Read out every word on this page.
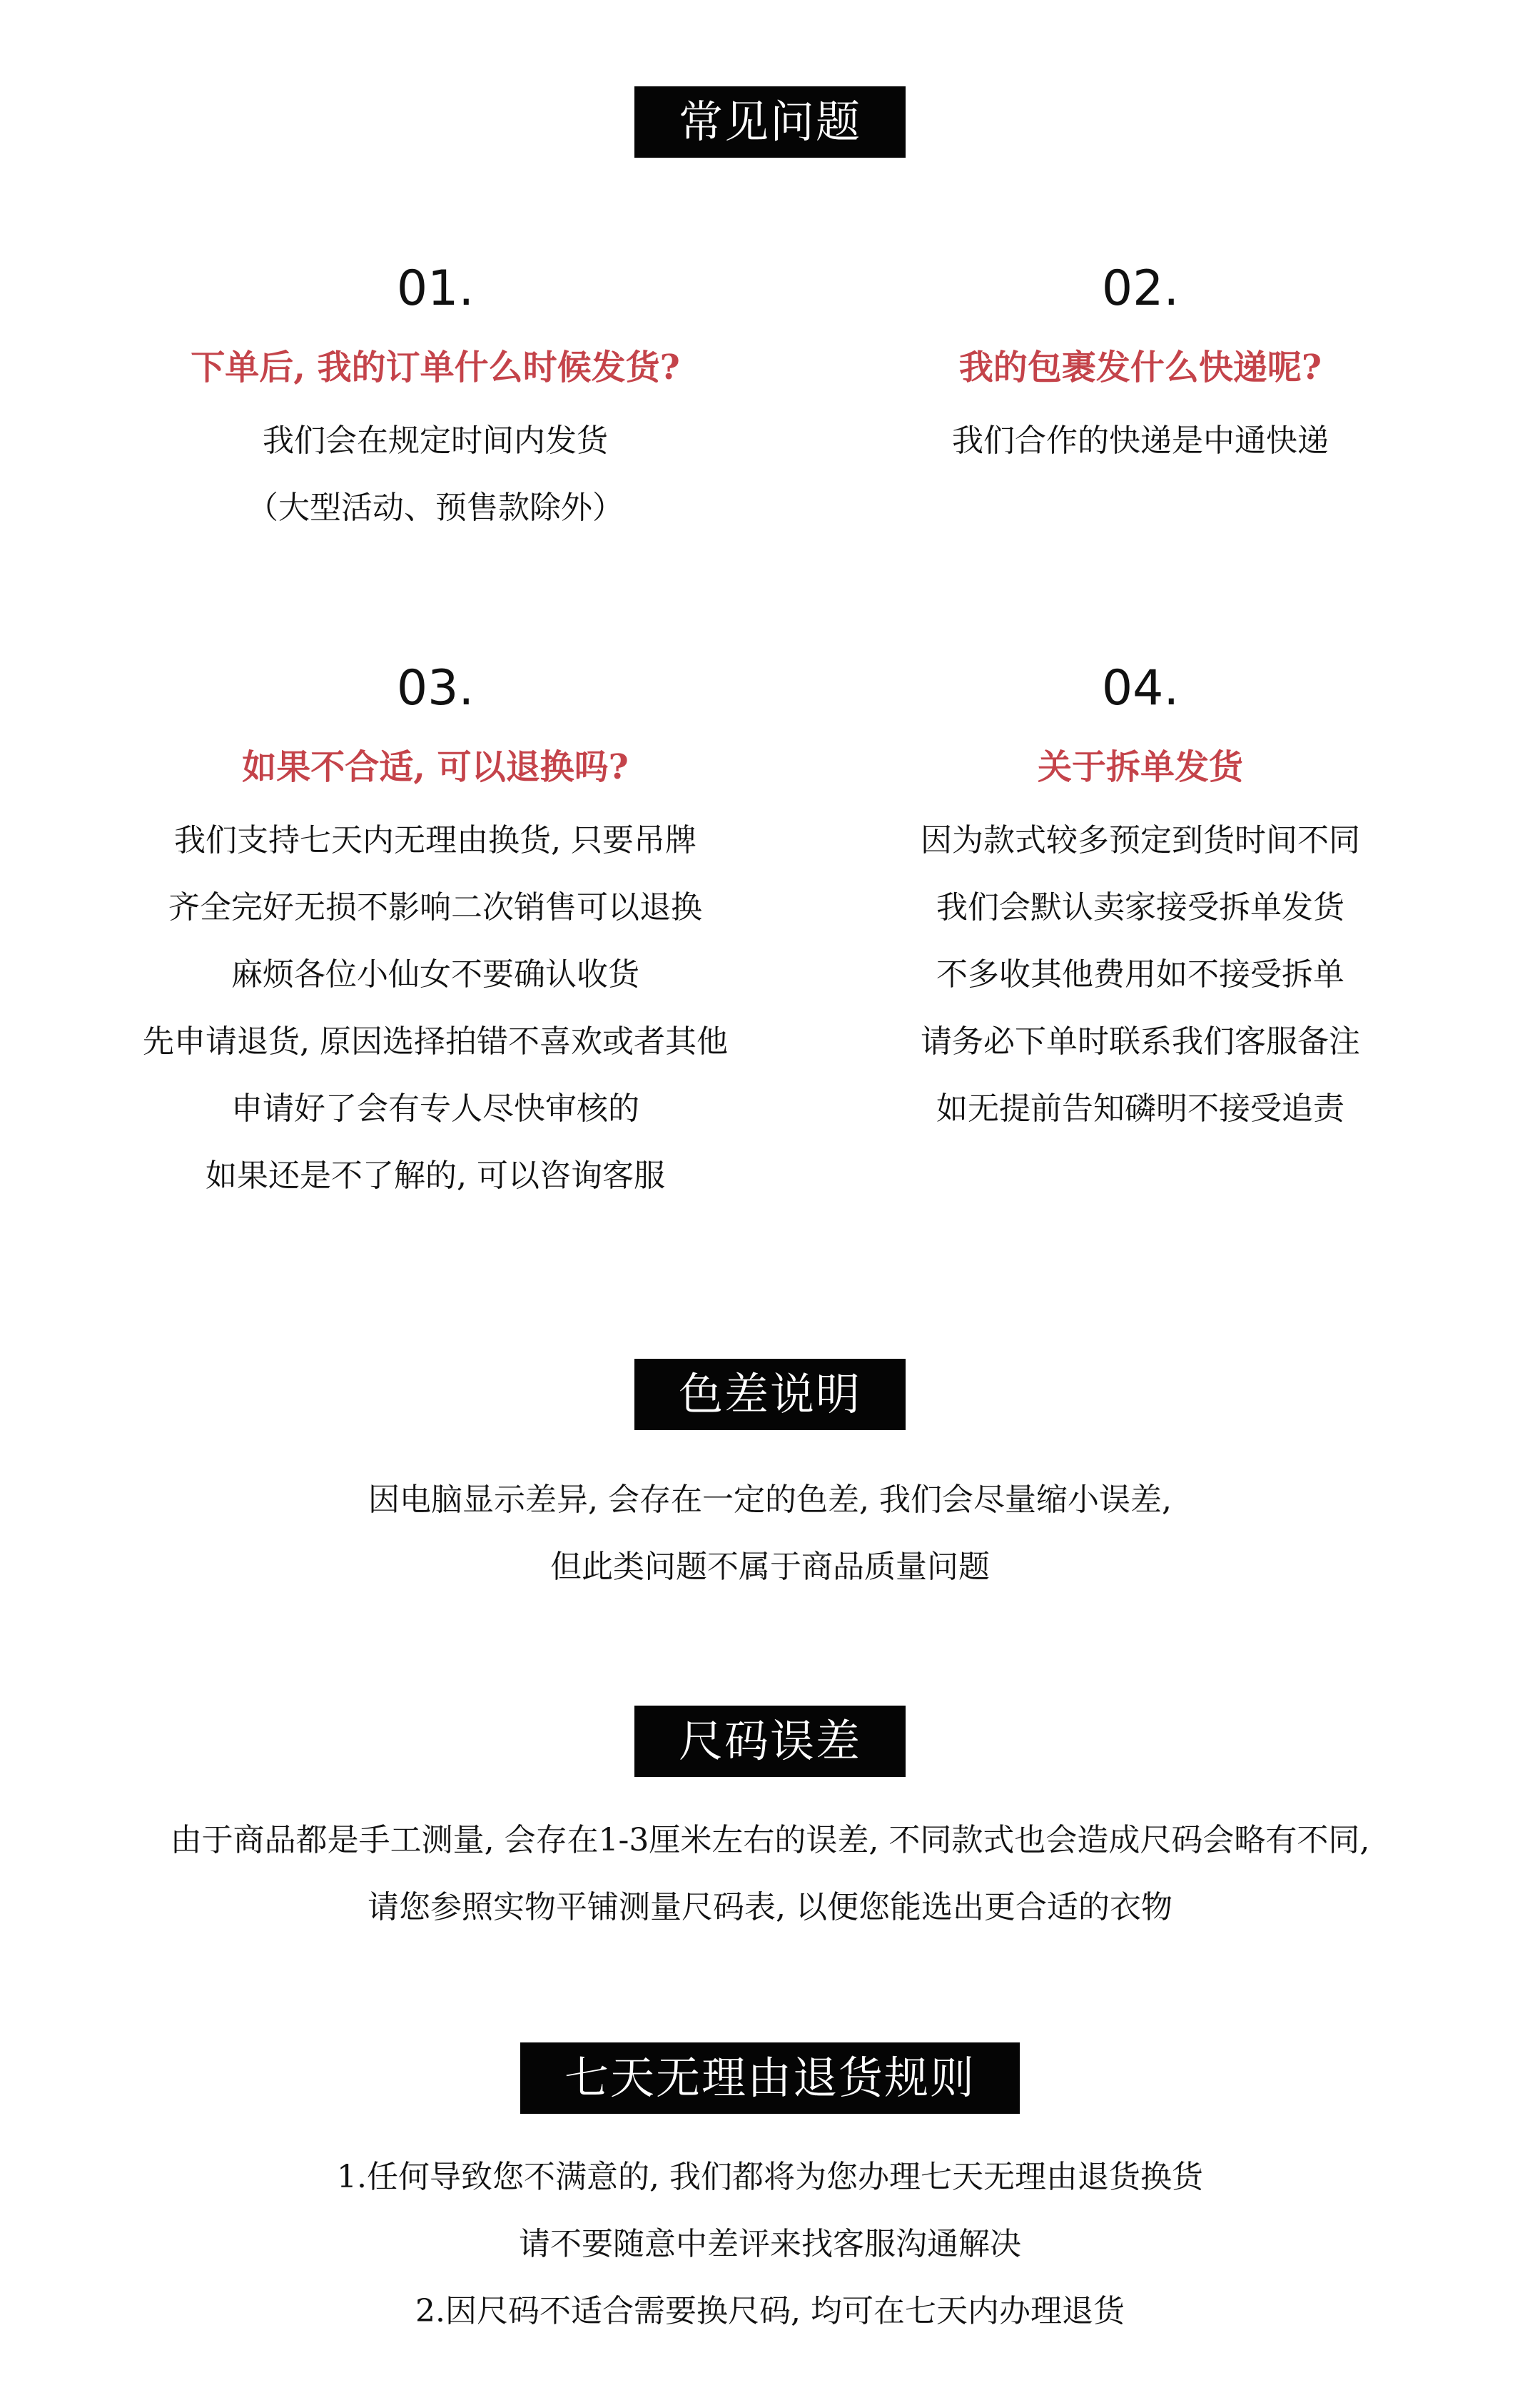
常见问题
01.
下单后, 我的订单什么时候发货?
我们会在规定时间内发货
（大型活动、预售款除外）
02.
我的包裹发什么快递呢?
我们合作的快递是中通快递
03.
如果不合适, 可以退换吗?
我们支持七天内无理由换货, 只要吊牌
齐全完好无损不影响二次销售可以退换
麻烦各位小仙女不要确认收货
先申请退货, 原因选择拍错不喜欢或者其他
申请好了会有专人尽快审核的
如果还是不了解的, 可以咨询客服
04.
关于拆单发货
因为款式较多预定到货时间不同
我们会默认卖家接受拆单发货
不多收其他费用如不接受拆单
请务必下单时联系我们客服备注
如无提前告知磷明不接受追责
色差说明
因电脑显示差异, 会存在一定的色差, 我们会尽量缩小误差,
但此类问题不属于商品质量问题
尺码误差
由于商品都是手工测量, 会存在1-3厘米左右的误差, 不同款式也会造成尺码会略有不同,
请您参照实物平铺测量尺码表, 以便您能选出更合适的衣物
七天无理由退货规则
1.任何导致您不满意的, 我们都将为您办理七天无理由退货换货
请不要随意中差评来找客服沟通解决
2.因尺码不适合需要换尺码, 均可在七天内办理退货
